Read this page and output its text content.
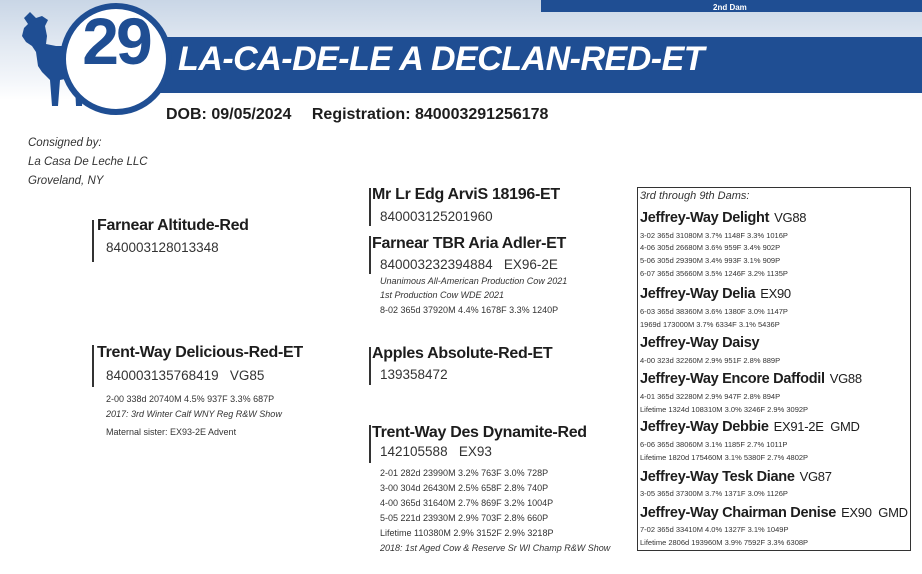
2nd Dam
LA-CA-DE-LE A DECLAN-RED-ET
29
DOB: 09/05/2024 Registration: 840003291256178
Consigned by:
La Casa De Leche LLC
Groveland, NY
Farnear Altitude-Red
840003128013348
Mr Lr Edg ArviS 18196-ET
840003125201960
Farnear TBR Aria Adler-ET
840003232394884   EX96-2E
Unanimous All-American Production Cow 2021
1st Production Cow WDE 2021
8-02 365d 37920M 4.4% 1678F 3.3% 1240P
Trent-Way Delicious-Red-ET
840003135768419   VG85
2-00 338d 20740M 4.5% 937F 3.3% 687P
2017: 3rd Winter Calf WNY Reg R&W Show
Maternal sister: EX93-2E Advent
Apples Absolute-Red-ET
139358472
Trent-Way Des Dynamite-Red
142105588   EX93
2-01 282d 23990M 3.2% 763F 3.0% 728P
3-00 304d 26430M 2.5% 658F 2.8% 740P
4-00 365d 31640M 2.7% 869F 3.2% 1004P
5-05 221d 23930M 2.9% 703F 2.8% 660P
Lifetime 110380M 2.9% 3152F 2.9% 3218P
2018: 1st Aged Cow & Reserve Sr WI Champ R&W Show
3rd through 9th Dams:
Jeffrey-Way Delight VG88
3-02 365d 31080M 3.7% 1148F 3.3% 1016P
4-06 305d 26680M 3.6% 959F 3.4% 902P
5-06 305d 29390M 3.4% 993F 3.1% 909P
6-07 365d 35660M 3.5% 1246F 3.2% 1135P
Jeffrey-Way Delia EX90
6-03 365d 38360M 3.6% 1380F 3.0% 1147P
1969d 173000M 3.7% 6334F 3.1% 5436P
Jeffrey-Way Daisy
4-00 323d 32260M 2.9% 951F 2.8% 889P
Jeffrey-Way Encore Daffodil VG88
4-01 365d 32280M 2.9% 947F 2.8% 894P
Lifetime 1324d 108310M 3.0% 3246F 2.9% 3092P
Jeffrey-Way Debbie EX91-2E  GMD
6-06 365d 38060M 3.1% 1185F 2.7% 1011P
Lifetime 1820d 175460M 3.1% 5380F 2.7% 4802P
Jeffrey-Way Tesk Diane VG87
3-05 365d 37300M 3.7% 1371F 3.0% 1126P
Jeffrey-Way Chairman Denise EX90  GMD
7-02 365d 33410M 4.0% 1327F 3.1% 1049P
Lifetime 2806d 193960M 3.9% 7592F 3.3% 6308P
